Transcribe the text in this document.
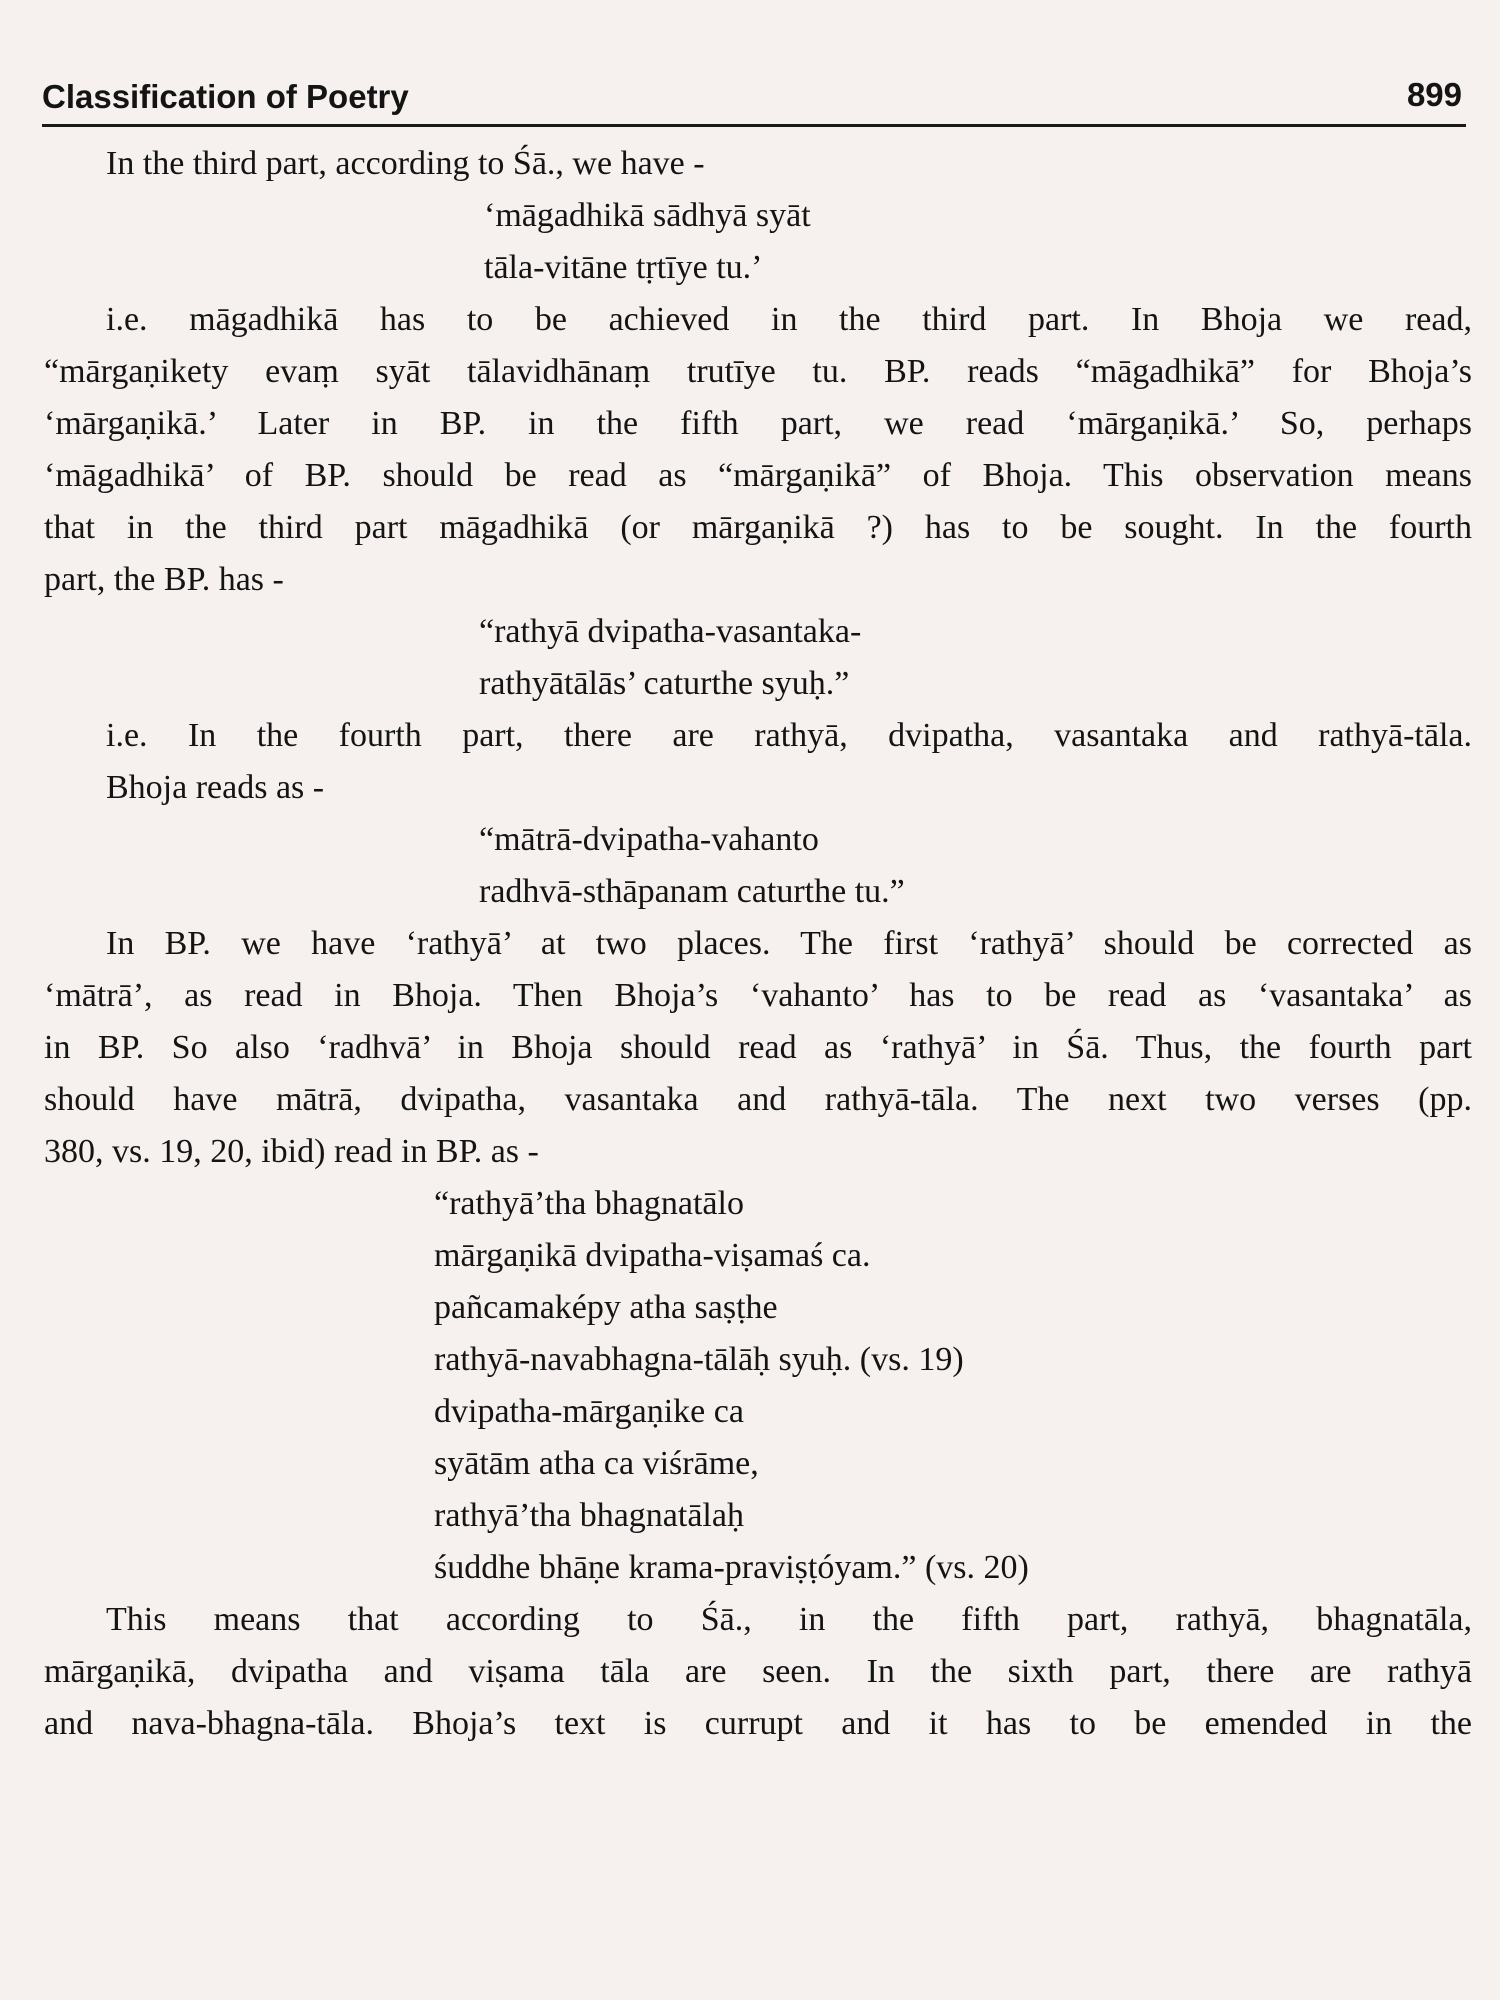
Classification of Poetry	899

In the third part, according to Śā., we have -

‘māgadhikā sādhyā syāt
tāla-vitāne tṛtīye tu.’
i.e. māgadhikā has to be achieved in the third part. In Bhoja we read,
“mārgaṇikety evaṃ syāt tālavidhānaṃ trutīye tu. BP. reads “māgadhikā” for Bhoja’s
‘mārgaṇikā.’ Later in BP. in the fifth part, we read ‘mārgaṇikā.’ So, perhaps
‘māgadhikā’ of BP. should be read as “mārgaṇikā” of Bhoja. This observation means
that in the third part māgadhikā (or mārgaṇikā ?) has to be sought. In the fourth
part, the BP. has -
“rathyā dvipatha-vasantaka-
rathyātālās’ caturthe syuḥ.”

i.e. In the fourth part, there are rathyā, dvipatha, vasantaka and rathyā-tāla.

Bhoja reads as -

“mātrā-dvipatha-vahanto
radhvā-sthāpanam caturthe tu.”
In BP. we have ‘rathyā’ at two places. The first ‘rathyā’ should be corrected as
‘mātrā’, as read in Bhoja. Then Bhoja’s ‘vahanto’ has to be read as ‘vasantaka’ as
in BP. So also ‘radhvā’ in Bhoja should read as ‘rathyā’ in Śā. Thus, the fourth part
should have mātrā, dvipatha, vasantaka and rathyā-tāla. The next two verses (pp.
380, vs. 19, 20, ibid) read in BP. as -
“rathyā’tha bhagnatālo
mārgaṇikā dvipatha-viṣamaś ca.
pañcamaképy atha saṣṭhe
rathyā-navabhagna-tālāḥ syuḥ. (vs. 19)
dvipatha-mārgaṇike ca
syātām atha ca viśrāme,
rathyā’tha bhagnatālaḥ
śuddhe bhāṇe krama-praviṣṭóyam.” (vs. 20)
This means that according to Śā., in the fifth part, rathyā, bhagnatāla,
mārgaṇikā, dvipatha and viṣama tāla are seen. In the sixth part, there are rathyā
and nava-bhagna-tāla. Bhoja’s text is currupt and it has to be emended in the
